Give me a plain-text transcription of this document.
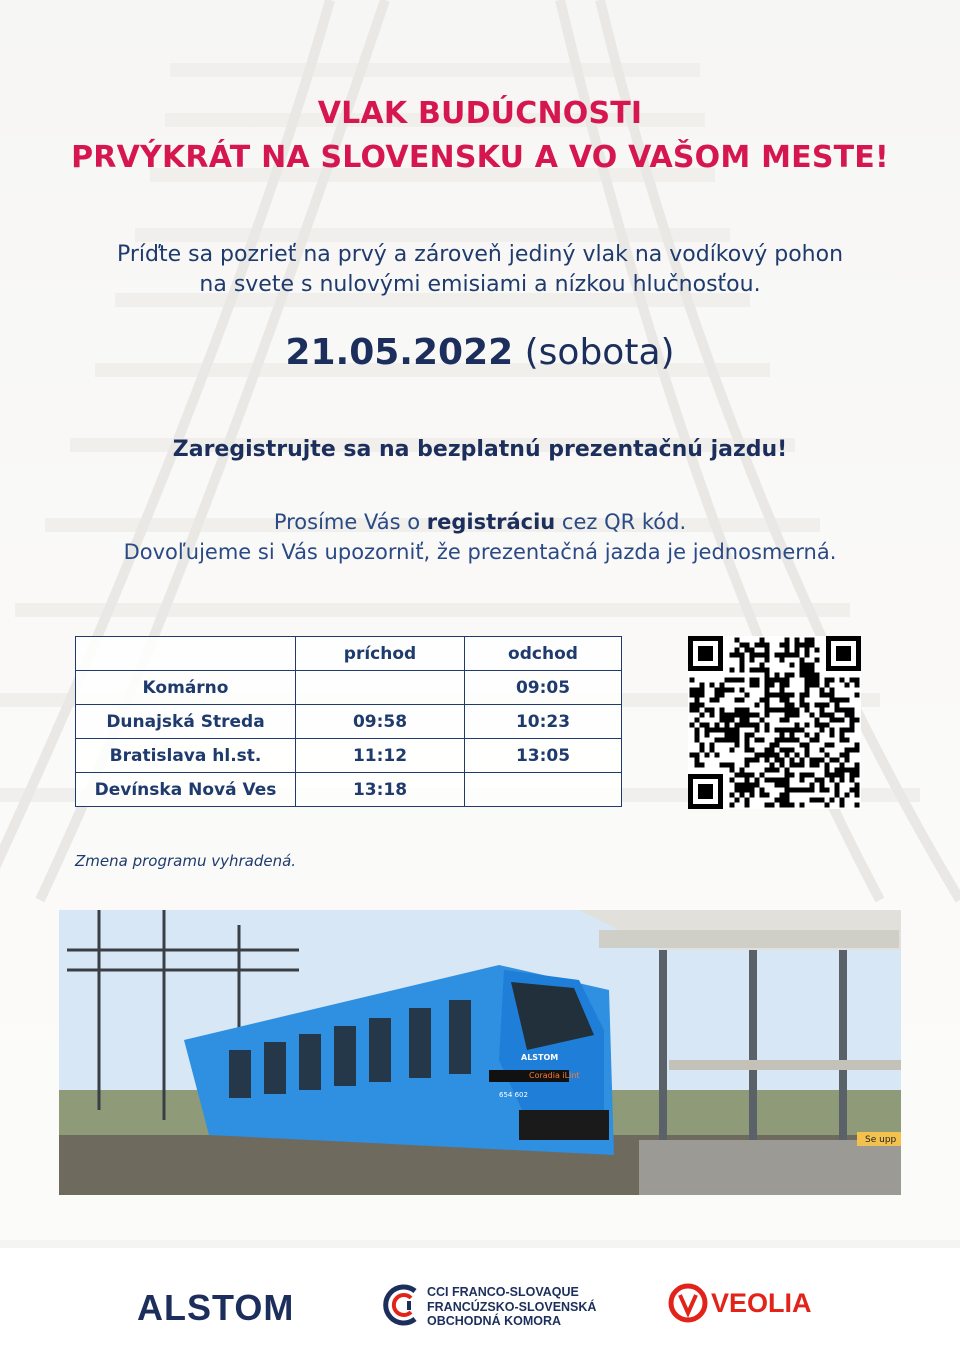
VLAK BUDÚCNOSTI
PRVÝKRÁT NA SLOVENSKU A VO VAŠOM MESTE!
Príďte sa pozrieť na prvý a zároveň jediný vlak na vodíkový pohon
na svete s nulovými emisiami a nízkou hlučnosťou.
21.05.2022 (sobota)
Zaregistrujte sa na bezplatnú prezentačnú jazdu!
Prosíme Vás o registráciu cez QR kód.
Dovoľujeme si Vás upozorniť, že prezentačná jazda je jednosmerná.
	príchod	odchod
Komárno		09:05
Dunajská Streda	09:58	10:23
Bratislava hl.st.	11:12	13:05
Devínska Nová Ves	13:18	
Zmena programu vyhradená.
Coradia iLint
ALSTOM
654 602
Se upp
ALSTOM	CCI FRANCO-SLOVAQUE
FRANCÚZSKO-SLOVENSKÁ
OBCHODNÁ KOMORA
VEOLIA
